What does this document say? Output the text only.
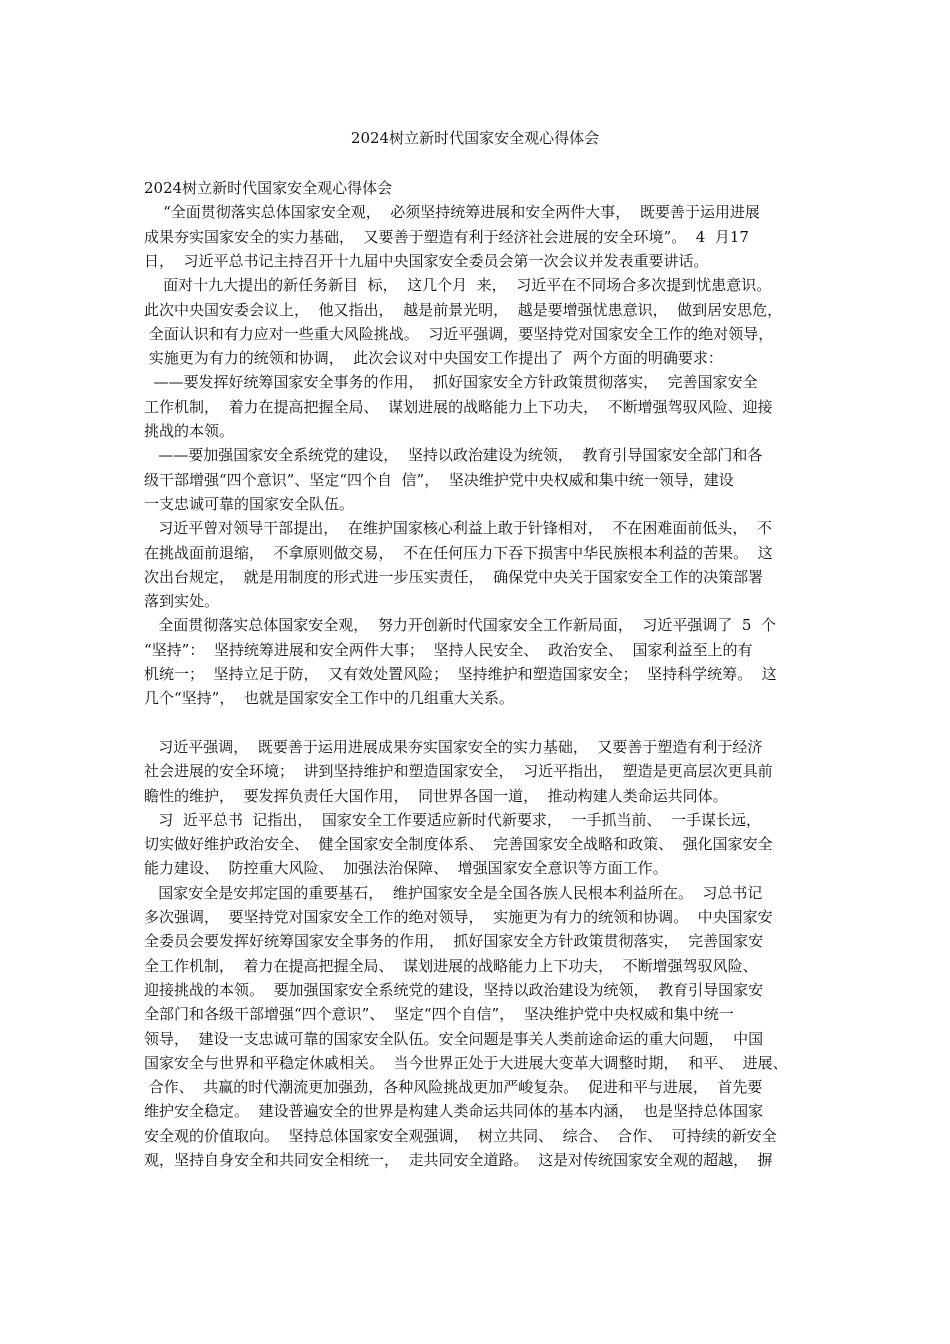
2024树立新时代国家安全观心得体会
2024树立新时代国家安全观心得体会
“全面贯彻落实总体国家安全观，  必须坚持统筹进展和安全两件大事，  既要善于运用进展
成果夯实国家安全的实力基础，  又要善于塑造有利于经济社会进展的安全环境”。  4  月17
日，  习近平总书记主持召开十九届中央国家安全委员会第一次会议并发表重要讲话。
面对十九大提出的新任务新目  标，  这几个月  来，  习近平在不同场合多次提到忧患意识。
此次中央国安委会议上，  他又指出，  越是前景光明，  越是要增强忧患意识，  做到居安思危，
全面认识和有力应对一些重大风险挑战。  习近平强调，要坚持党对国家安全工作的绝对领导，
实施更为有力的统领和协调，  此次会议对中央国安工作提出了  两个方面的明确要求：
——要发挥好统筹国家安全事务的作用，  抓好国家安全方针政策贯彻落实，  完善国家安全
工作机制，  着力在提高把握全局、  谋划进展的战略能力上下功夫，  不断增强驾驭风险、迎接
挑战的本领。
——要加强国家安全系统党的建设，  坚持以政治建设为统领，  教育引导国家安全部门和各
级干部增强“四个意识”、坚定“四个自  信”，  坚决维护党中央权威和集中统一领导，建设
一支忠诚可靠的国家安全队伍。
习近平曾对领导干部提出，  在维护国家核心利益上敢于针锋相对，  不在困难面前低头，  不
在挑战面前退缩，  不拿原则做交易，  不在任何压力下吞下损害中华民族根本利益的苦果。  这
次出台规定，  就是用制度的形式进一步压实责任，  确保党中央关于国家安全工作的决策部署
落到实处。
全面贯彻落实总体国家安全观，  努力开创新时代国家安全工作新局面，  习近平强调了  5  个
“坚持”：  坚持统筹进展和安全两件大事；  坚持人民安全、  政治安全、  国家利益至上的有
机统一；  坚持立足于防，  又有效处置风险；  坚持维护和塑造国家安全；  坚持科学统筹。  这
几个“坚持”，  也就是国家安全工作中的几组重大关系。
习近平强调，  既要善于运用进展成果夯实国家安全的实力基础，  又要善于塑造有利于经济
社会进展的安全环境；  讲到坚持维护和塑造国家安全，  习近平指出，  塑造是更高层次更具前
瞻性的维护，  要发挥负责任大国作用，  同世界各国一道，  推动构建人类命运共同体。
习  近平总书  记指出，  国家安全工作要适应新时代新要求，  一手抓当前、  一手谋长远，
切实做好维护政治安全、  健全国家安全制度体系、  完善国家安全战略和政策、  强化国家安全
能力建设、  防控重大风险、  加强法治保障、  增强国家安全意识等方面工作。
国家安全是安邦定国的重要基石，  维护国家安全是全国各族人民根本利益所在。  习总书记
多次强调，  要坚持党对国家安全工作的绝对领导，  实施更为有力的统领和协调。  中央国家安
全委员会要发挥好统筹国家安全事务的作用，  抓好国家安全方针政策贯彻落实，  完善国家安
全工作机制，  着力在提高把握全局、  谋划进展的战略能力上下功夫，  不断增强驾驭风险、
迎接挑战的本领。  要加强国家安全系统党的建设，坚持以政治建设为统领，  教育引导国家安
全部门和各级干部增强“四个意识”、  坚定“四个自信”，  坚决维护党中央权威和集中统一
领导，  建设一支忠诚可靠的国家安全队伍。安全问题是事关人类前途命运的重大问题，  中国
国家安全与世界和平稳定休戚相关。  当今世界正处于大进展大变革大调整时期，  和平、  进展、
合作、  共赢的时代潮流更加强劲，各种风险挑战更加严峻复杂。  促进和平与进展，  首先要
维护安全稳定。  建设普遍安全的世界是构建人类命运共同体的基本内涵，  也是坚持总体国家
安全观的价值取向。  坚持总体国家安全观强调，  树立共同、  综合、  合作、  可持续的新安全
观，坚持自身安全和共同安全相统一，  走共同安全道路。  这是对传统国家安全观的超越，  摒
